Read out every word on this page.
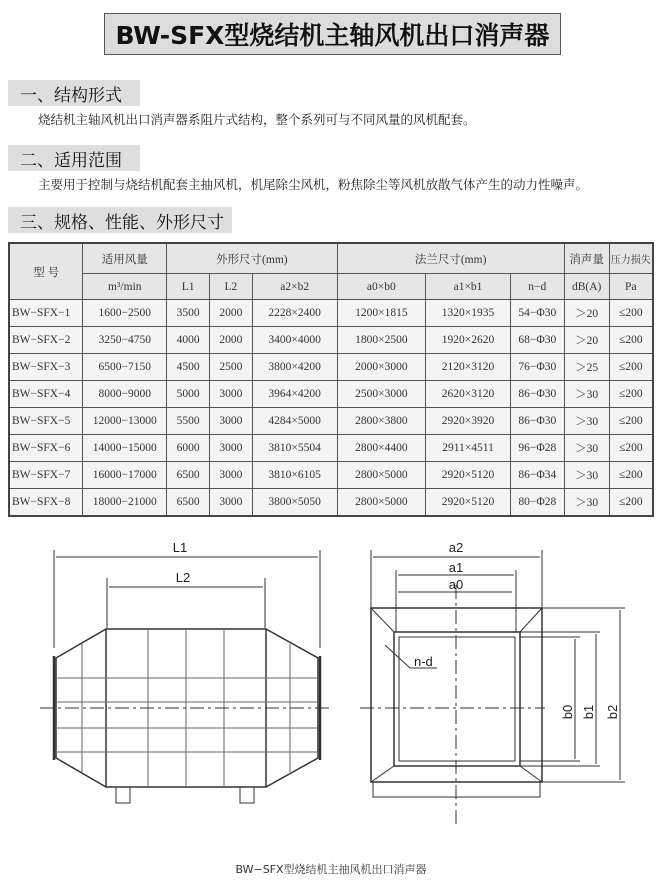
BW-SFX型烧结机主轴风机出口消声器
一、结构形式
烧结机主轴风机出口消声器系阻片式结构，整个系列可与不同风量的风机配套。
二、适用范围
主要用于控制与烧结机配套主抽风机，机尾除尘风机，粉焦除尘等风机放散气体产生的动力性噪声。
三、规格、性能、外形尺寸
型 号	适用风量	外形尺寸(mm)			法兰尺寸(mm)			消声量	压力损失
	m³/min	L1	L2	a2×b2	a0×b0	a1×b1	n−d	dB(A)	Pa
BW−SFX−1	1600−2500	3500	2000	2228×2400	1200×1815	1320×1935	54−Φ30	＞20	≤200
BW−SFX−2	3250−4750	4000	2000	3400×4000	1800×2500	1920×2620	68−Φ30	＞20	≤200
BW−SFX−3	6500−7150	4500	2500	3800×4200	2000×3000	2120×3120	76−Φ30	＞25	≤200
BW−SFX−4	8000−9000	5000	3000	3964×4200	2500×3000	2620×3120	86−Φ30	＞30	≤200
BW−SFX−5	12000−13000	5500	3000	4284×5000	2800×3800	2920×3920	86−Φ30	＞30	≤200
BW−SFX−6	14000−15000	6000	3000	3810×5504	2800×4400	2911×4511	96−Φ28	＞30	≤200
BW−SFX−7	16000−17000	6500	3000	3810×6105	2800×5000	2920×5120	86−Φ34	＞30	≤200
BW−SFX−8	18000−21000	6500	3000	3800×5050	2800×5000	2920×5120	80−Φ28	＞30	≤200
L1
L2
a2
a1
a0
n-d
b0 b1 b2
BW−SFX型烧结机主抽风机出口消声器
